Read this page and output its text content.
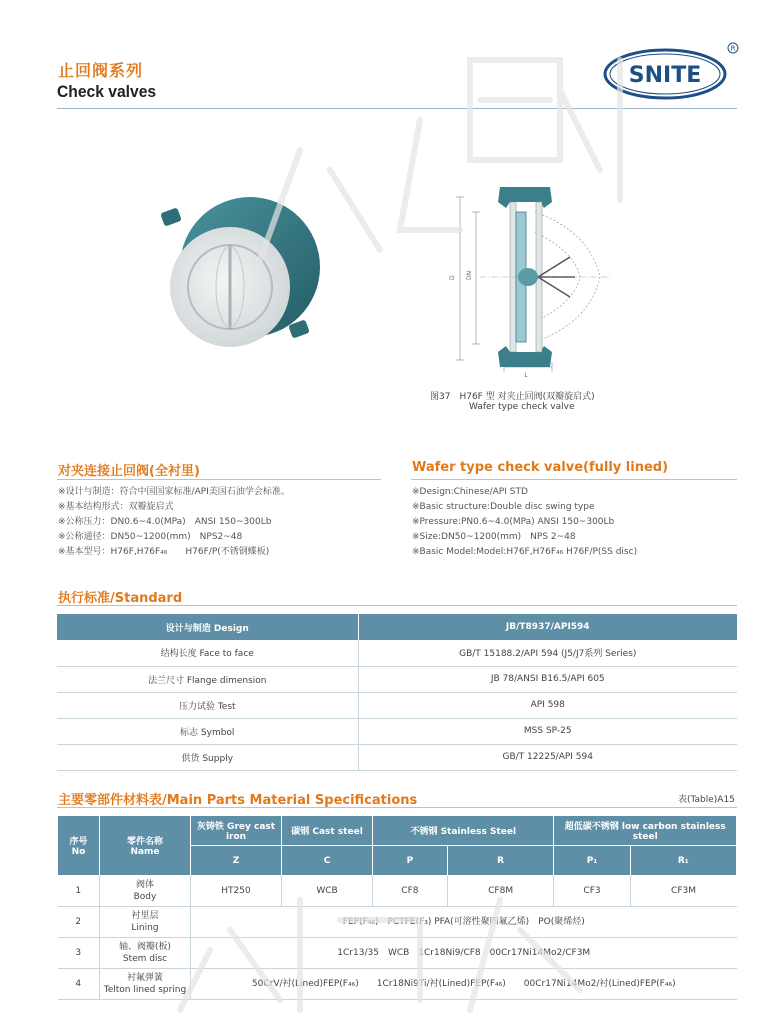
止回阀系列
Check valves
SNITE
R
D DN
L
图37　H76F 型 对夹止回阀(双瓣旋启式)
Wafer type check valve
对夹连接止回阀(全衬里)
※设计与制造：符合中国国家标准/API美国石油学会标准。
※基本结构形式：双瓣旋启式
※公称压力：DN0.6~4.0(MPa)　ANSI 150~300Lb
※公称通径：DN50~1200(mm)　NPS2~48
※基本型号：H76F,H76F₄₆　　H76F/P(不锈钢蝶板)
Wafer type check valve(fully lined)
※Design:Chinese/API STD
※Basic structure:Double disc swing type
※Pressure:PN0.6~4.0(MPa) ANSI 150~300Lb
※Size:DN50~1200(mm)　NPS 2~48
※Basic Model:Model:H76F,H76F₄₆ H76F/P(SS disc)
执行标准/Standard
设计与制造 Design	JB/T8937/API594
结构长度 Face to face	GB/T 15188.2/API 594 (J5/J7系列 Series)
法兰尺寸 Flange dimension	JB 78/ANSI B16.5/API 605
压力试验 Test	API 598
标志 Symbol	MSS SP-25
供货 Supply	GB/T 12225/API 594
主要零部件材料表/Main Parts Material Specifications	表(Table)A15
序号
No	零件名称
Name	灰铸铁 Grey cast iron	碳钢 Cast steel	不锈钢 Stainless Steel		超低碳不锈钢 low carbon stainless steel	
		Z	C	P	R	P₁	R₁
1	阀体
Body	HT250	WCB	CF8	CF8M	CF3	CF3M
2	衬里层
Lining	FEP(F₄₆)　PCTFE(F₃) PFA(可溶性聚四氟乙烯)　PO(聚烯烃)					
3	轴、阀瓣(板)
Stem disc	1Cr13/35　WCB　1Cr18Ni9/CF8　00Cr17Ni14Mo2/CF3M					
4	衬氟弹簧
Telton lined spring	50CrV/衬(Lined)FEP(F₄₆)　　1Cr18Ni9Ti/衬(Lined)FEP(F₄₆)　　00Cr17Ni14Mo2/衬(Lined)FEP(F₄₆)					
